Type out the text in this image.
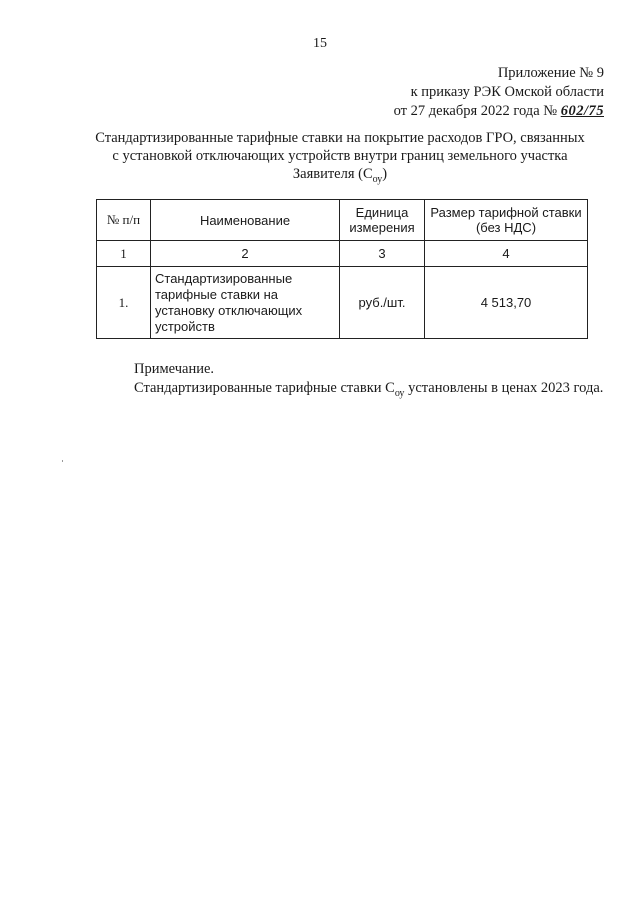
15
Приложение № 9
к приказу РЭК Омской области
от 27 декабря 2022 года № 602/75
Стандартизированные тарифные ставки на покрытие расходов ГРО, связанных
с установкой отключающих устройств внутри границ земельного участка
Заявителя $(С_{оу})$
№ п/п	Наименование	Единица измерения	Размер тарифной ставки (без НДС)
1	2	3	4
1.	Стандартизированные тарифные ставки на установку отключающих устройств	руб./шт.	4 513,70
Примечание.

Стандартизированные тарифные ставки $С_{оу}$ установлены в ценах 2023 года.
